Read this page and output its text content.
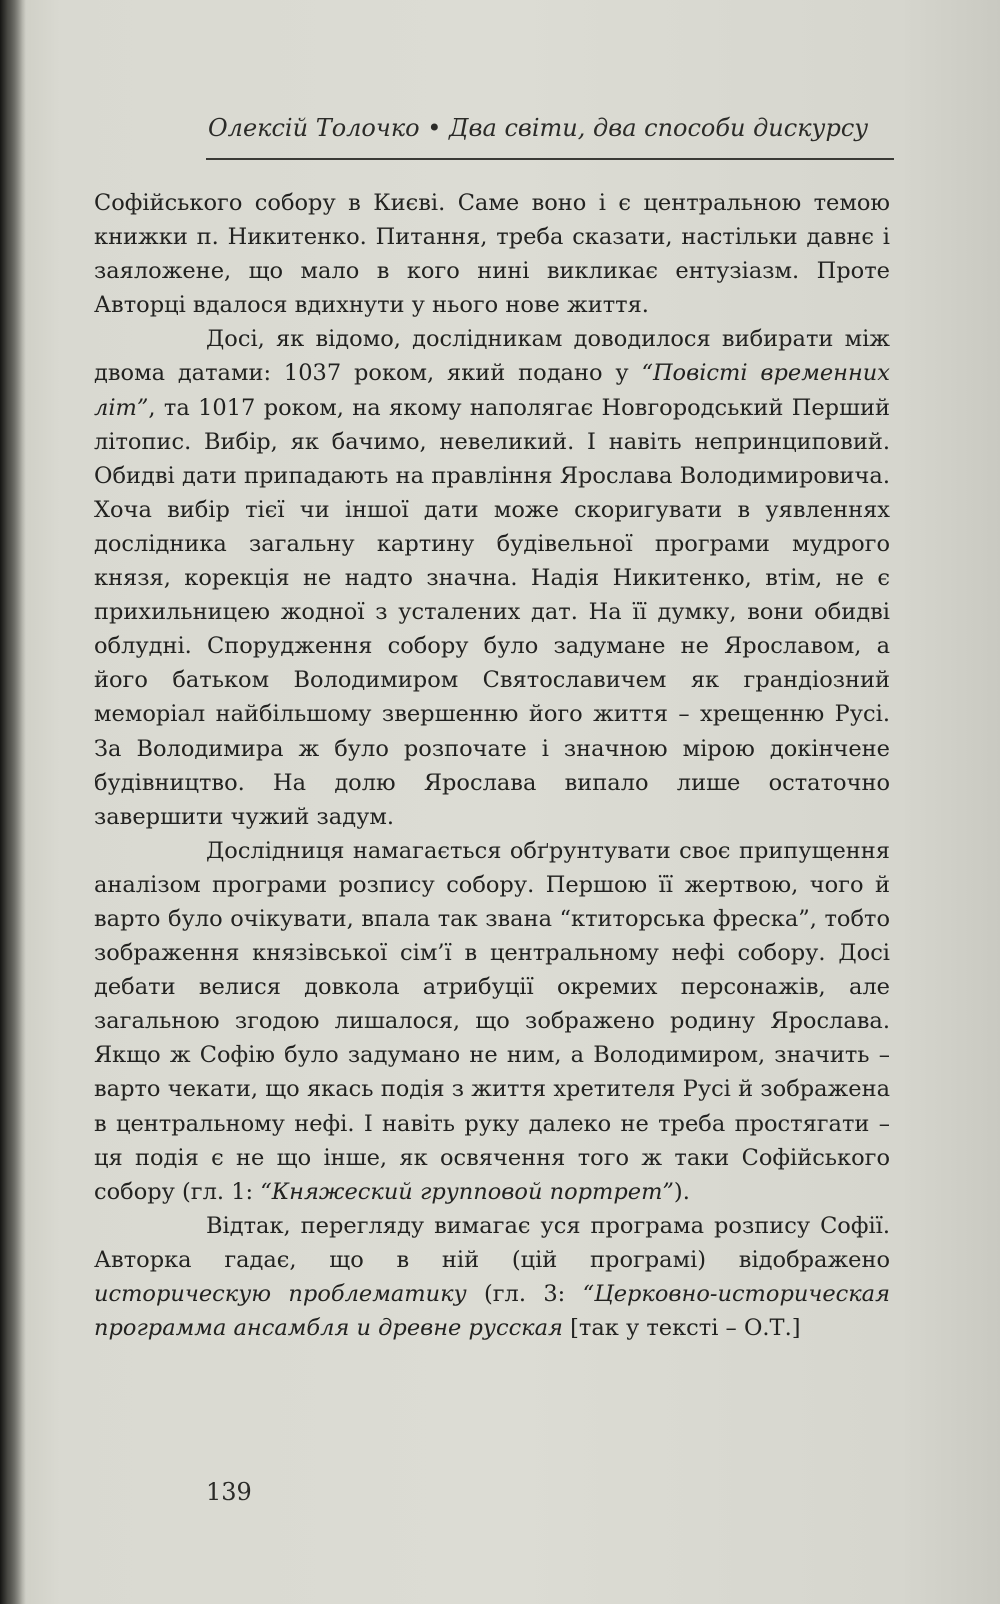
Олексій Толочко • Два світи, два способи дискурсу

Софійського собору в Києві. Саме воно і є центральною темою книжки п. Никитенко. Питання, треба сказати, настільки давнє і заяложене, що мало в кого нині викликає ентузіазм. Проте Авторці вдалося вдихнути у нього нове життя.

Досі, як відомо, дослідникам доводилося вибирати між двома датами: 1037 роком, який подано у “Повісті временних літ”, та 1017 роком, на якому наполягає Новгородський Перший літопис. Вибір, як бачимо, невеликий. І навіть непринциповий. Обидві дати припадають на правління Ярослава Володимировича. Хоча вибір тієї чи іншої дати може скоригувати в уявленнях дослідника загальну картину будівельної програми мудрого князя, корекція не надто значна. Надія Никитенко, втім, не є прихильницею жодної з усталених дат. На її думку, вони обидві облудні. Спорудження собору було задумане не Ярославом, а його батьком Володимиром Святославичем як грандіозний меморіал найбільшому звершенню його життя – хрещенню Русі. За Володимира ж було розпочате і значною мірою докінчене будівництво. На долю Ярослава випало лише остаточно завершити чужий задум.

Дослідниця намагається обґрунтувати своє припущення аналізом програми розпису собору. Першою її жертвою, чого й варто було очікувати, впала так звана “ктиторська фреска”, тобто зображення князівської сім’ї в центральному нефі собору. Досі дебати велися довкола атрибуції окремих персонажів, але загальною згодою лишалося, що зображено родину Ярослава. Якщо ж Софію було задумано не ним, а Володимиром, значить – варто чекати, що якась подія з життя хретителя Русі й зображена в центральному нефі. І навіть руку далеко не треба простягати – ця подія є не що інше, як освячення того ж таки Софійського собору (гл. 1: “Княжеский групповой портрет”).

Відтак, перегляду вимагає уся програма розпису Софії. Авторка гадає, що в ній (цій програмі) відображено историческую проблематику (гл. 3: “Церковно-историческая программа ансамбля и древне русская [так у тексті – О.Т.]

139
